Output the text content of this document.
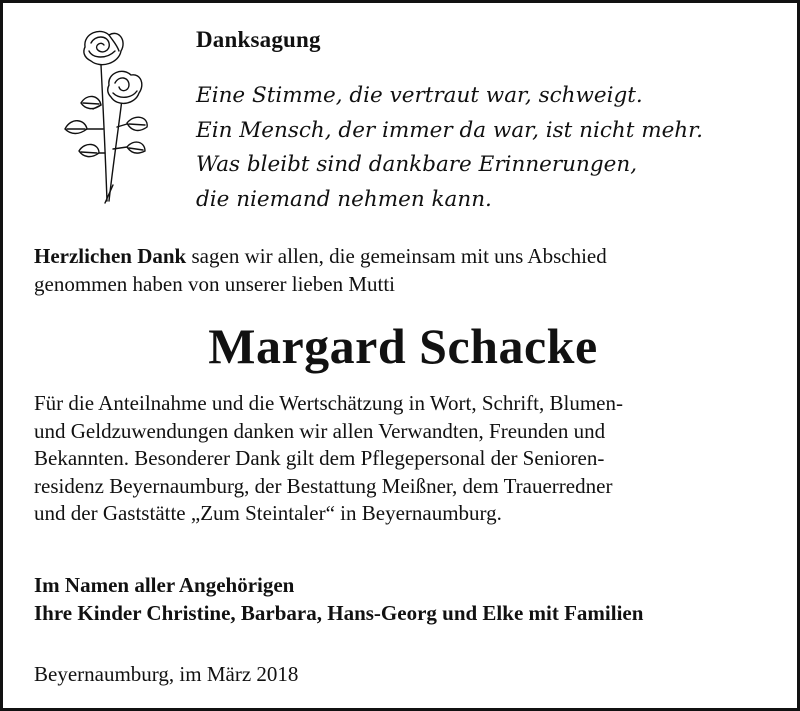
Danksagung
Eine Stimme, die vertraut war, schweigt.
Ein Mensch, der immer da war, ist nicht mehr.
Was bleibt sind dankbare Erinnerungen,
die niemand nehmen kann.
Herzlichen Dank sagen wir allen, die gemeinsam mit uns Abschied
genommen haben von unserer lieben Mutti
Margard Schacke
Für die Anteilnahme und die Wertschätzung in Wort, Schrift, Blumen-
und Geldzuwendungen danken wir allen Verwandten, Freunden und
Bekannten. Besonderer Dank gilt dem Pflegepersonal der Senioren-
residenz Beyernaumburg, der Bestattung Meißner, dem Trauerredner
und der Gaststätte „Zum Steintaler“ in Beyernaumburg.
Im Namen aller Angehörigen
Ihre Kinder Christine, Barbara, Hans-Georg und Elke mit Familien
Beyernaumburg, im März 2018
